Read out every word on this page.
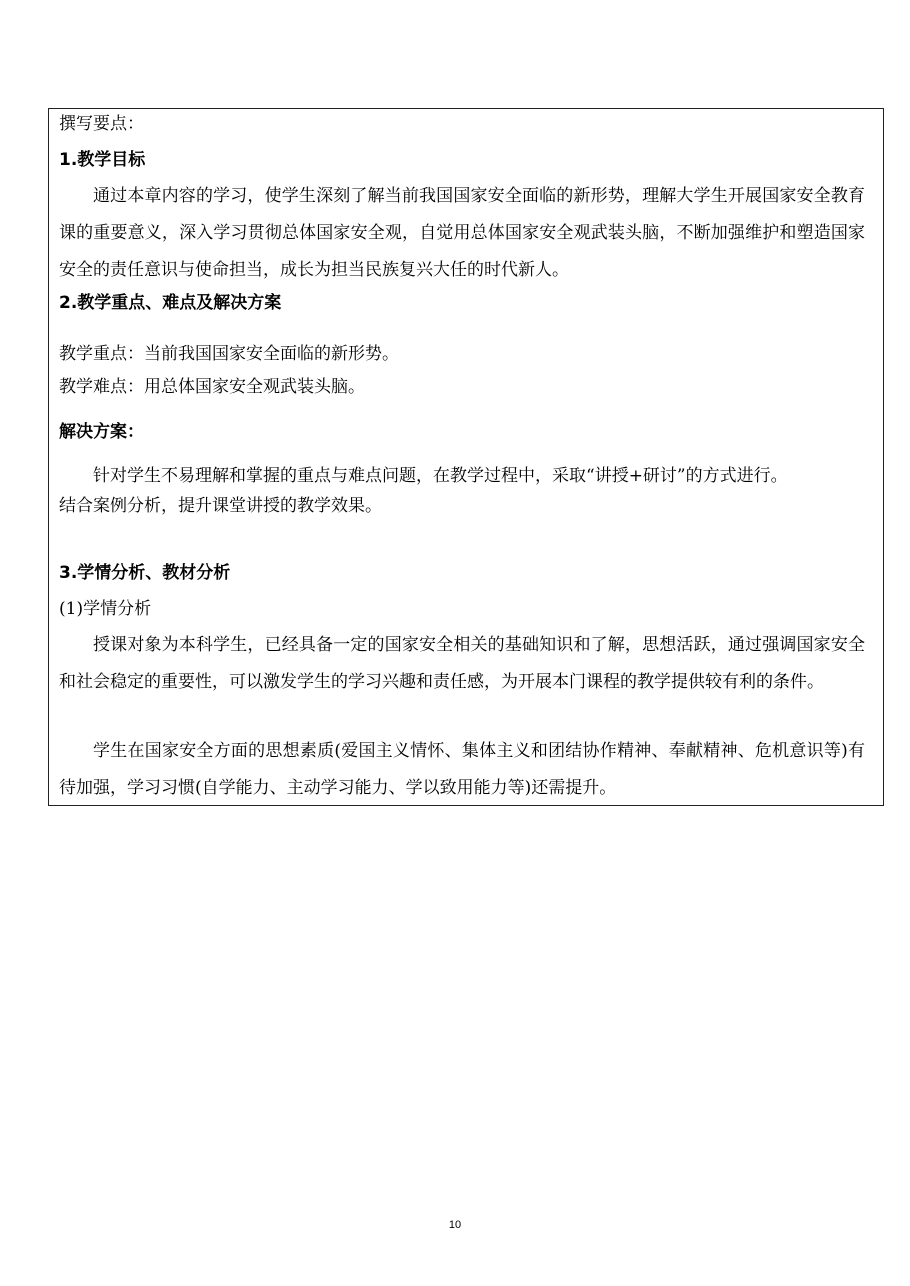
撰写要点：
1.教学目标
通过本章内容的学习，使学生深刻了解当前我国国家安全面临的新形势，理解大学生开展国家安全教育课的重要意义，深入学习贯彻总体国家安全观，自觉用总体国家安全观武装头脑，不断加强维护和塑造国家安全的责任意识与使命担当，成长为担当民族复兴大任的时代新人。
2.教学重点、难点及解决方案
教学重点：当前我国国家安全面临的新形势。
教学难点：用总体国家安全观武装头脑。
解决方案：
针对学生不易理解和掌握的重点与难点问题，在教学过程中，采取“讲授+研讨”的方式进行。
结合案例分析，提升课堂讲授的教学效果。
3.学情分析、教材分析
(1)学情分析
授课对象为本科学生，已经具备一定的国家安全相关的基础知识和了解，思想活跃，通过强调国家安全和社会稳定的重要性，可以激发学生的学习兴趣和责任感，为开展本门课程的教学提供较有利的条件。
学生在国家安全方面的思想素质(爱国主义情怀、集体主义和团结协作精神、奉献精神、危机意识等)有待加强，学习习惯(自学能力、主动学习能力、学以致用能力等)还需提升。
10
